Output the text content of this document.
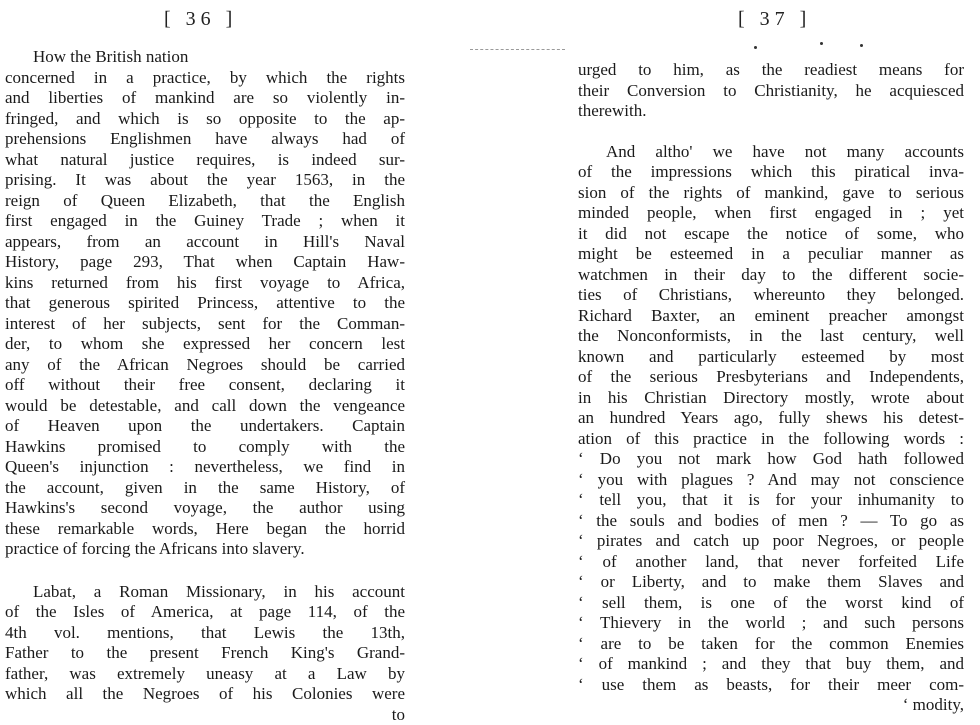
[ 36 ]
How the British nation
concerned in a practice, by which the rights
and liberties of mankind are so violently in-
fringed, and which is so opposite to the ap-
prehensions Englishmen have always had of
what natural justice requires, is indeed sur-
prising. It was about the year 1563, in the
reign of Queen Elizabeth, that the English
first engaged in the Guiney Trade ; when it
appears, from an account in Hill's Naval
History, page 293, That when Captain Haw-
kins returned from his first voyage to Africa,
that generous spirited Princess, attentive to the
interest of her subjects, sent for the Comman-
der, to whom she expressed her concern lest
any of the African Negroes should be carried
off without their free consent, declaring it
would be detestable, and call down the vengeance
of Heaven upon the undertakers. Captain
Hawkins promised to comply with the
Queen's injunction : nevertheless, we find in
the account, given in the same History, of
Hawkins's second voyage, the author using
these remarkable words, Here began the horrid
practice of forcing the Africans into slavery.
Labat, a Roman Missionary, in his account
of the Isles of America, at page 114, of the
4th vol. mentions, that Lewis the 13th,
Father to the present French King's Grand-
father, was extremely uneasy at a Law by
which all the Negroes of his Colonies were
to
[ 37 ]
urged to him, as the readiest means for
their Conversion to Christianity, he acquiesced
therewith.
And altho' we have not many accounts
of the impressions which this piratical inva-
sion of the rights of mankind, gave to serious
minded people, when first engaged in ; yet
it did not escape the notice of some, who
might be esteemed in a peculiar manner as
watchmen in their day to the different socie-
ties of Christians, whereunto they belonged.
Richard Baxter, an eminent preacher amongst
the Nonconformists, in the last century, well
known and particularly esteemed by most
of the serious Presbyterians and Independents,
in his Christian Directory mostly, wrote about
an hundred Years ago, fully shews his detest-
ation of this practice in the following words :
‘ Do you not mark how God hath followed
‘ you with plagues ? And may not conscience
‘ tell you, that it is for your inhumanity to
‘ the souls and bodies of men ? — To go as
‘ pirates and catch up poor Negroes, or people
‘ of another land, that never forfeited Life
‘ or Liberty, and to make them Slaves and
‘ sell them, is one of the worst kind of
‘ Thievery in the world ; and such persons
‘ are to be taken for the common Enemies
‘ of mankind ; and they that buy them, and
‘ use them as beasts, for their meer com-
‘ modity,
